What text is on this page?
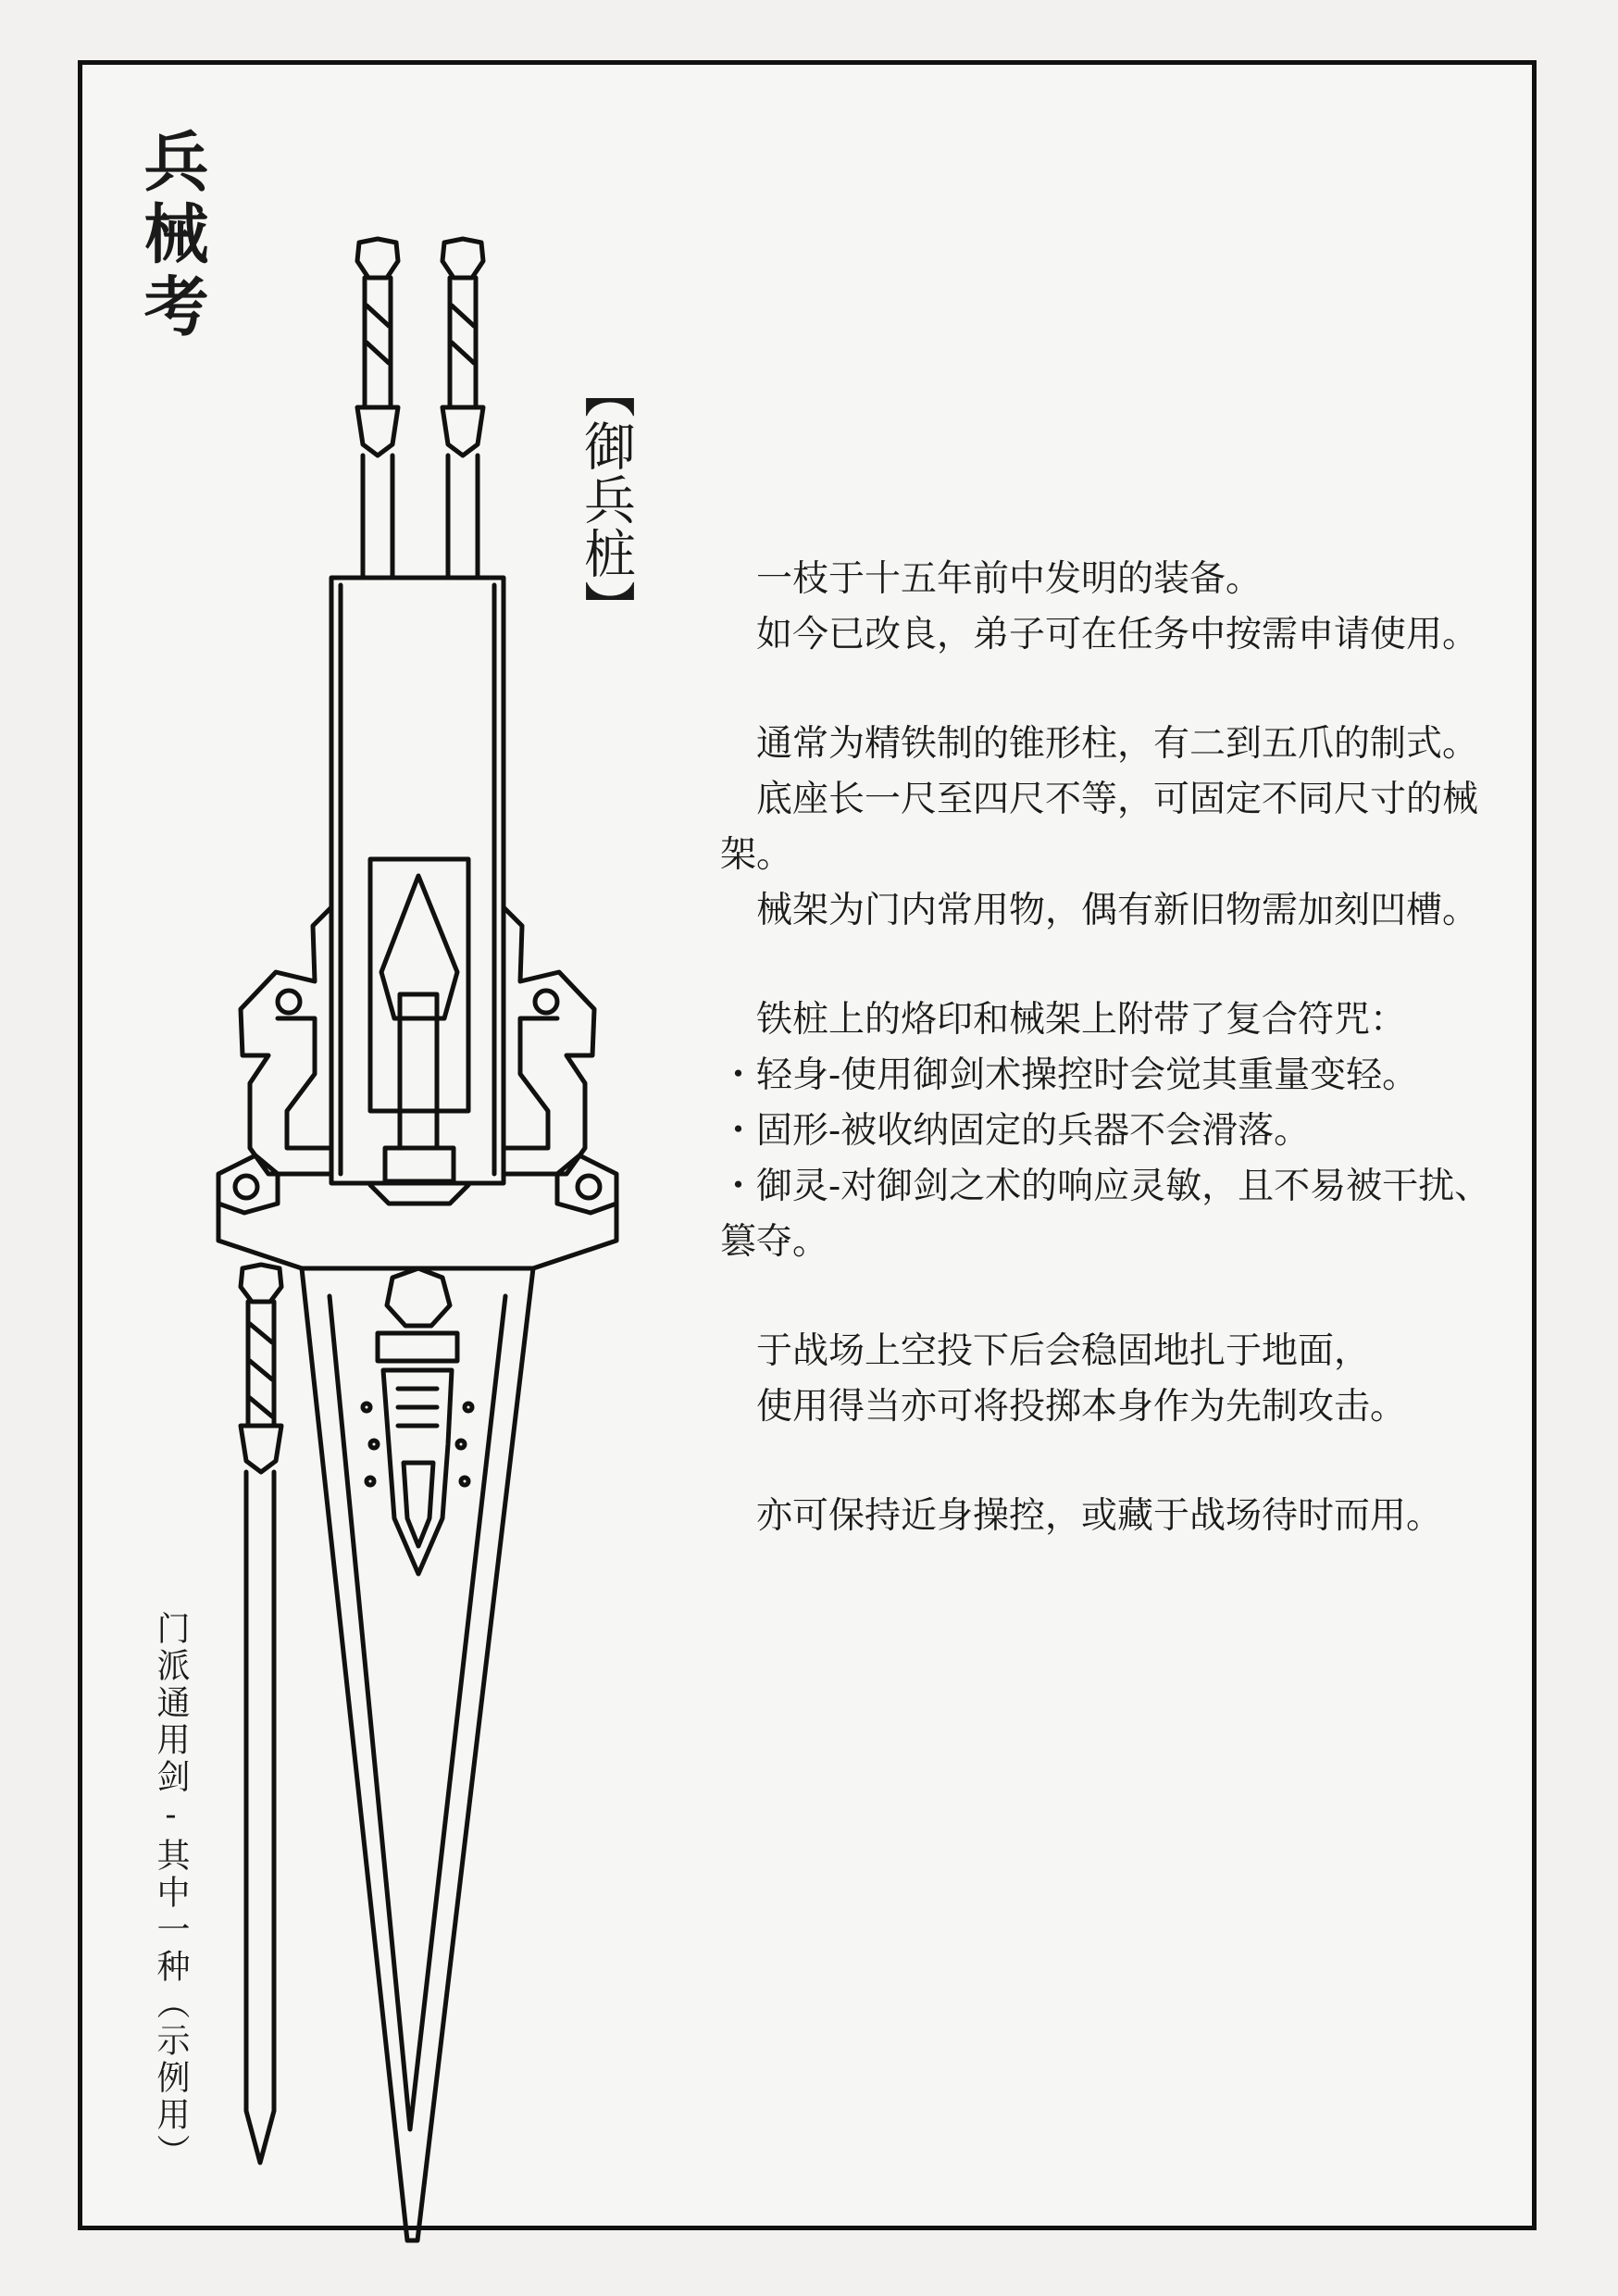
兵械考
【御兵桩】
门派通用剑-其中一种（示例用）

　一枝于十五年前中发明的装备。

　如今已改良，弟子可在任务中按需申请使用。

　通常为精铁制的锥形柱，有二到五爪的制式。

　底座长一尺至四尺不等，可固定不同尺寸的械架。

　械架为门内常用物，偶有新旧物需加刻凹槽。

　铁桩上的烙印和械架上附带了复合符咒：

・轻身-使用御剑术操控时会觉其重量变轻。

・固形-被收纳固定的兵器不会滑落。

・御灵-对御剑之术的响应灵敏，且不易被干扰、篡夺。

　于战场上空投下后会稳固地扎于地面，

　使用得当亦可将投掷本身作为先制攻击。

　亦可保持近身操控，或藏于战场待时而用。
